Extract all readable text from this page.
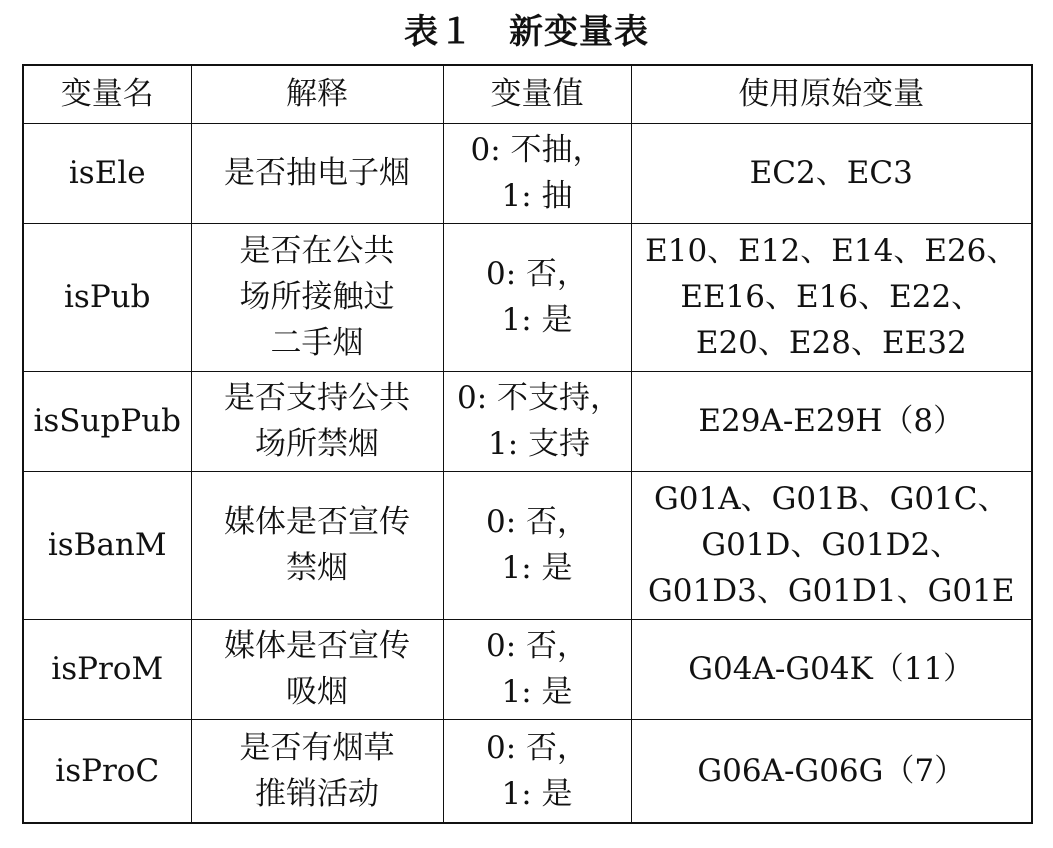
表１　新变量表
变量名	解释	变量值	使用原始变量
isEle	是否抽电子烟	0: 不抽，
1: 抽	EC2、EC3

isPub	是否在公共
场所接触过
二手烟	0: 否，
1: 是	E10、E12、E14、E26、
EE16、E16、E22、
E20、E28、EE32

isSupPub	是否支持公共
场所禁烟	0: 不支持，
1: 支持	E29A-E29H（8）

isBanM	媒体是否宣传
禁烟	0: 否，
1: 是	G01A、G01B、G01C、
G01D、G01D2、
G01D3、G01D1、G01E

isProM	媒体是否宣传
吸烟	0: 否，
1: 是	G04A-G04K（11）

isProC	是否有烟草
推销活动	0: 否，
1: 是	G06A-G06G（7）
